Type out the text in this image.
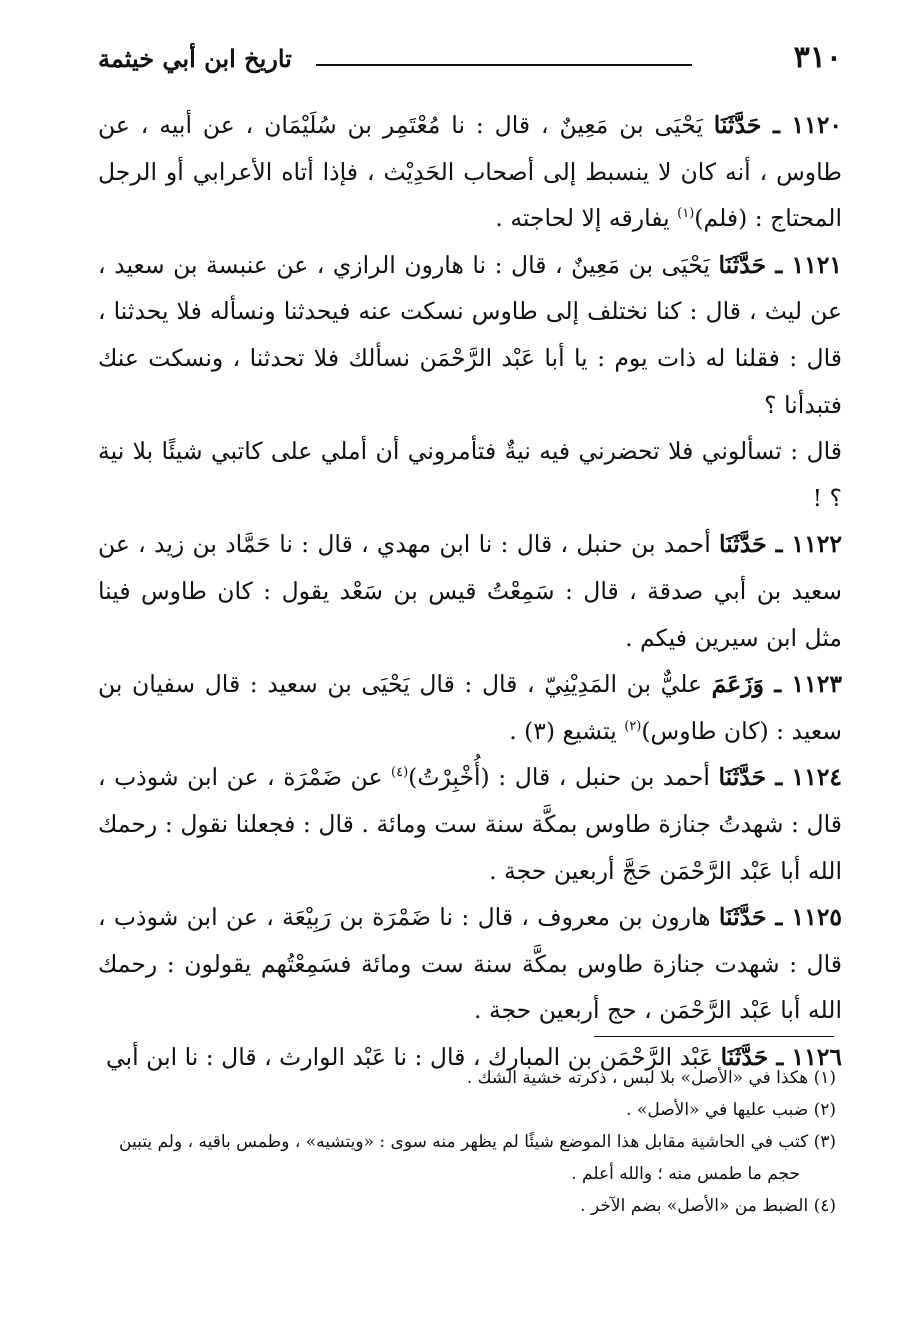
٣١٠
تاريخ ابن أبي خيثمة

١١٢٠ ـ حَدَّثَنَا يَحْيَى بن مَعِينٌ ، قال : نا مُعْتَمِر بن سُلَيْمَان ، عن أبيه ، عن طاوس ، أنه كان لا ينسبط إلى أصحاب الحَدِيْث ، فإذا أتاه الأعرابي أو الرجل المحتاج : (فلم)$^{(١)}$ يفارقه إلا لحاجته .

١١٢١ ـ حَدَّثَنَا يَحْيَى بن مَعِينٌ ، قال : نا هارون الرازي ، عن عنبسة بن سعيد ، عن ليث ، قال : كنا نختلف إلى طاوس نسكت عنه فيحدثنا ونسأله فلا يحدثنا ، قال : فقلنا له ذات يوم : يا أبا عَبْد الرَّحْمَن نسألك فلا تحدثنا ، ونسكت عنك فتبدأنا ؟

قال : تسألوني فلا تحضرني فيه نيةٌ فتأمروني أن أملي على كاتبي شيئًا بلا نية ؟ !

١١٢٢ ـ حَدَّثَنَا أحمد بن حنبل ، قال : نا ابن مهدي ، قال : نا حَمَّاد بن زيد ، عن سعيد بن أبي صدقة ، قال : سَمِعْتُ قيس بن سَعْد يقول : كان طاوس فينا مثل ابن سيرين فيكم .

١١٢٣ ـ وَزَعَمَ عليٌّ بن المَدِيْنِيّ ، قال : قال يَحْيَى بن سعيد : قال سفيان بن سعيد : (كان طاوس)$^{(٢)}$ يتشيع (٣) .

١١٢٤ ـ حَدَّثَنَا أحمد بن حنبل ، قال : (أُخْبِرْتُ)$^{(٤)}$ عن ضَمْرَة ، عن ابن شوذب ، قال : شهدتُ جنازة طاوس بمكَّة سنة ست ومائة . قال : فجعلنا نقول : رحمك الله أبا عَبْد الرَّحْمَن حَجَّ أربعين حجة .

١١٢٥ ـ حَدَّثَنَا هارون بن معروف ، قال : نا ضَمْرَة بن رَبِيْعَة ، عن ابن شوذب ، قال : شهدت جنازة طاوس بمكَّة سنة ست ومائة فسَمِعْتُهم يقولون : رحمك الله أبا عَبْد الرَّحْمَن ، حج أربعين حجة .

١١٢٦ ـ حَدَّثَنَا عَبْد الرَّحْمَن بن المبارك ، قال : نا عَبْد الوارث ، قال : نا ابن أبي

(١) هكذا في «الأصل» بلا لبس ، ذكرته خشية الشك .

(٢) ضبب عليها في «الأصل» .

(٣) كتب في الحاشية مقابل هذا الموضع شيئًا لم يظهر منه سوى : «ويتشيه» ، وطمس باقيه ، ولم يتبين
حجم ما طمس منه ؛ والله أعلم .

(٤) الضبط من «الأصل» بضم الآخر .
